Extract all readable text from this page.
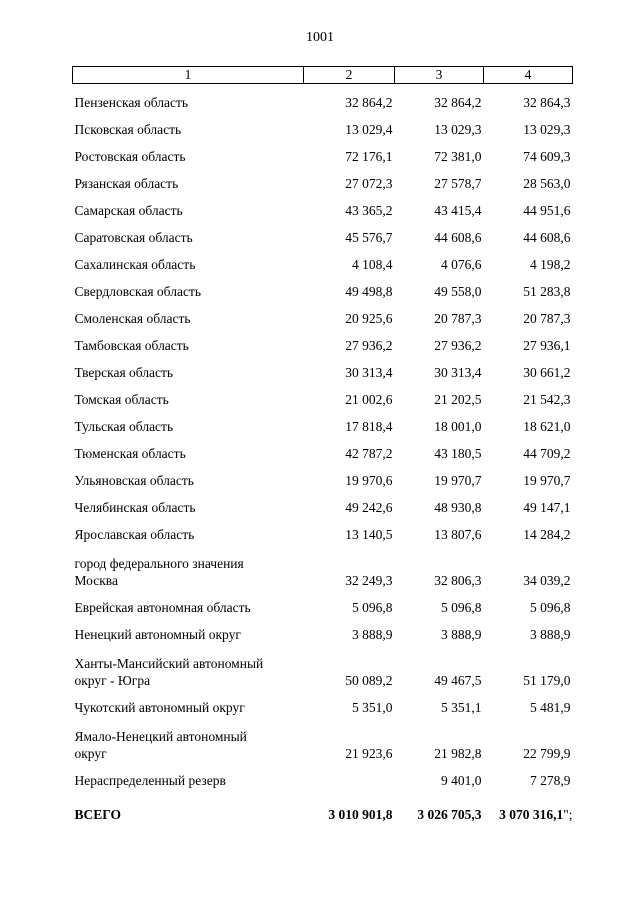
1001
1	2	3	4
Пензенская область	32 864,2	32 864,2	32 864,3
Псковская область	13 029,4	13 029,3	13 029,3
Ростовская область	72 176,1	72 381,0	74 609,3
Рязанская область	27 072,3	27 578,7	28 563,0
Самарская область	43 365,2	43 415,4	44 951,6
Саратовская область	45 576,7	44 608,6	44 608,6
Сахалинская область	4 108,4	4 076,6	4 198,2
Свердловская область	49 498,8	49 558,0	51 283,8
Смоленская область	20 925,6	20 787,3	20 787,3
Тамбовская область	27 936,2	27 936,2	27 936,1
Тверская область	30 313,4	30 313,4	30 661,2
Томская область	21 002,6	21 202,5	21 542,3
Тульская область	17 818,4	18 001,0	18 621,0
Тюменская область	42 787,2	43 180,5	44 709,2
Ульяновская область	19 970,6	19 970,7	19 970,7
Челябинская область	49 242,6	48 930,8	49 147,1
Ярославская область	13 140,5	13 807,6	14 284,2

город федерального значения
Москва	32 249,3	32 806,3	34 039,2
Еврейская автономная область	5 096,8	5 096,8	5 096,8
Ненецкий автономный округ	3 888,9	3 888,9	3 888,9

Ханты-Мансийский автономный
округ - Югра	50 089,2	49 467,5	51 179,0
Чукотский автономный округ	5 351,0	5 351,1	5 481,9

Ямало-Ненецкий автономный
округ	21 923,6	21 982,8	22 799,9
Нераспределенный резерв		9 401,0	7 278,9
ВСЕГО	3 010 901,8	3 026 705,3	3 070 316,1";
